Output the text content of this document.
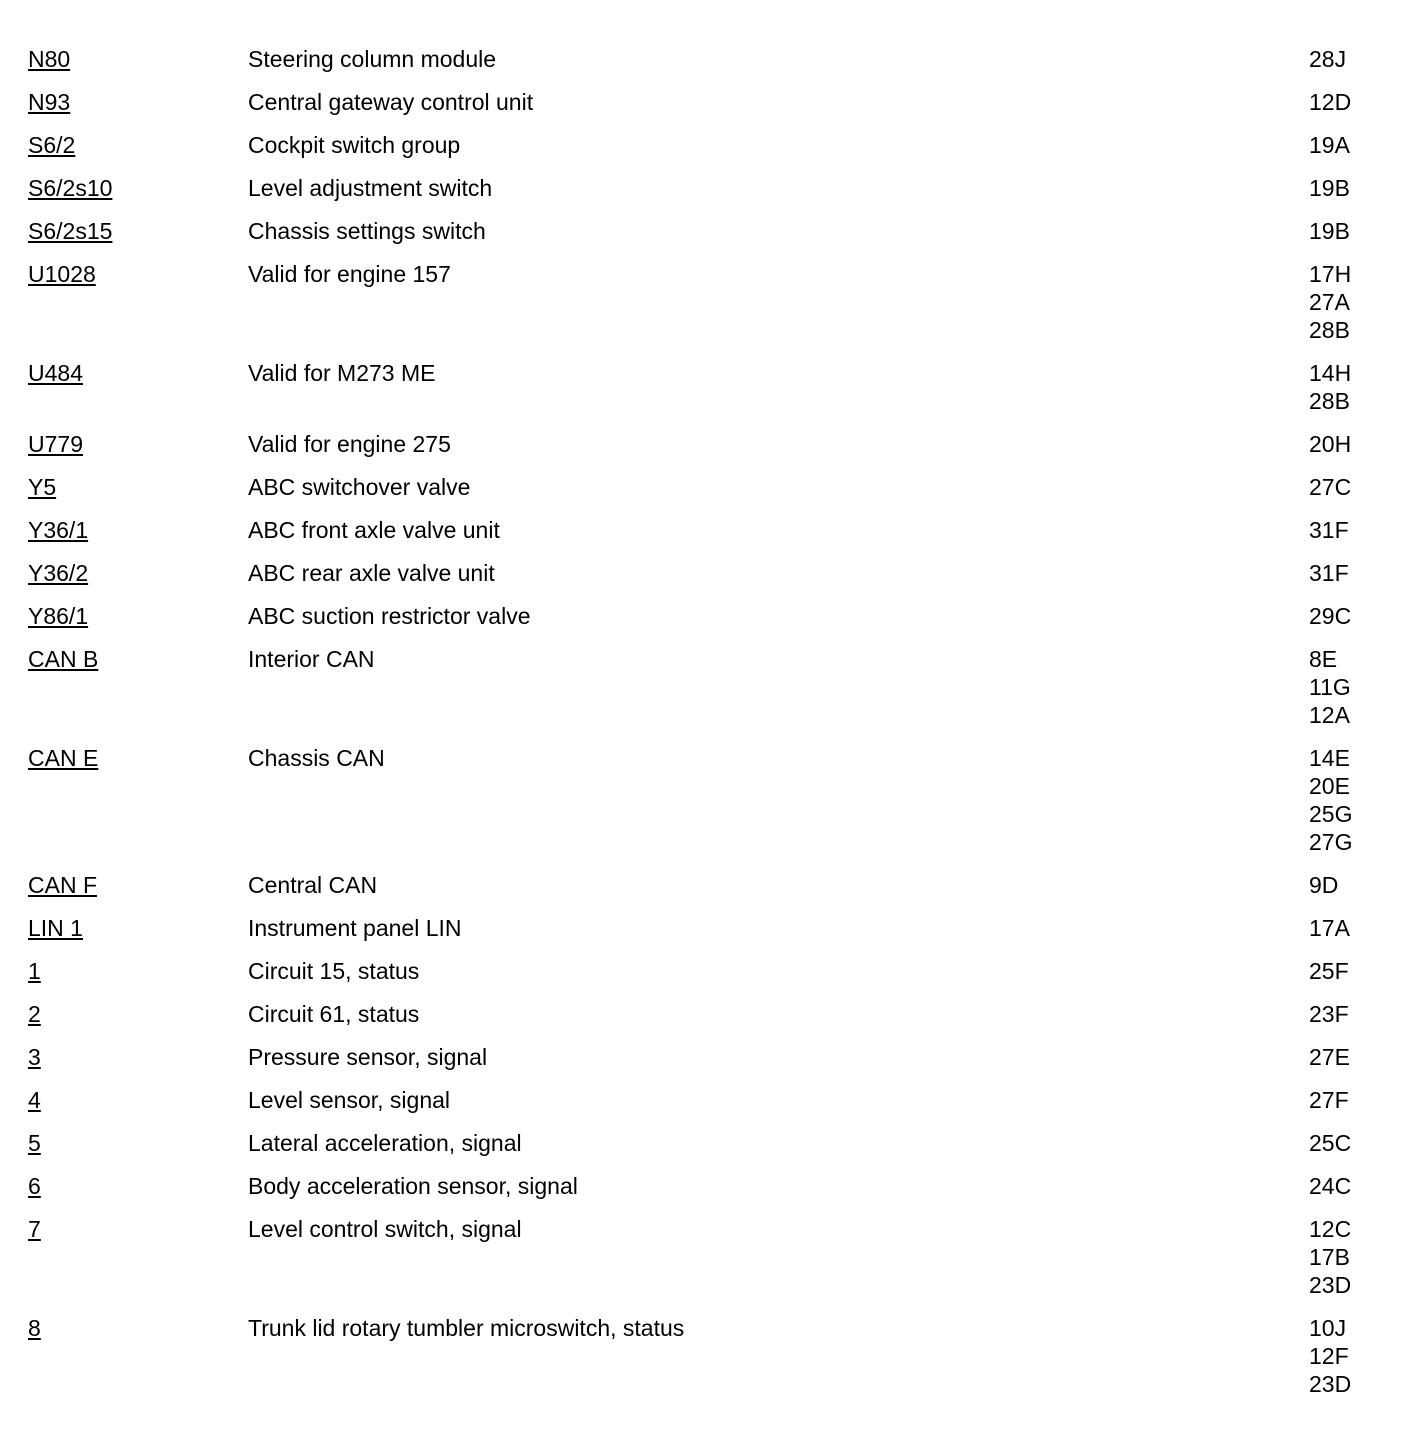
N80	Steering column module	28J
N93	Central gateway control unit	12D
S6/2	Cockpit switch group	19A
S6/2s10	Level adjustment switch	19B
S6/2s15	Chassis settings switch	19B
U1028	Valid for engine 157	17H
27A
28B
U484	Valid for M273 ME	14H
28B
U779	Valid for engine 275	20H
Y5	ABC switchover valve	27C
Y36/1	ABC front axle valve unit	31F
Y36/2	ABC rear axle valve unit	31F
Y86/1	ABC suction restrictor valve	29C
CAN B	Interior CAN	8E
11G
12A
CAN E	Chassis CAN	14E
20E
25G
27G
CAN F	Central CAN	9D
LIN 1	Instrument panel LIN	17A
1	Circuit 15, status	25F
2	Circuit 61, status	23F
3	Pressure sensor, signal	27E
4	Level sensor, signal	27F
5	Lateral acceleration, signal	25C
6	Body acceleration sensor, signal	24C
7	Level control switch, signal	12C
17B
23D
8	Trunk lid rotary tumbler microswitch, status	10J
12F
23D
